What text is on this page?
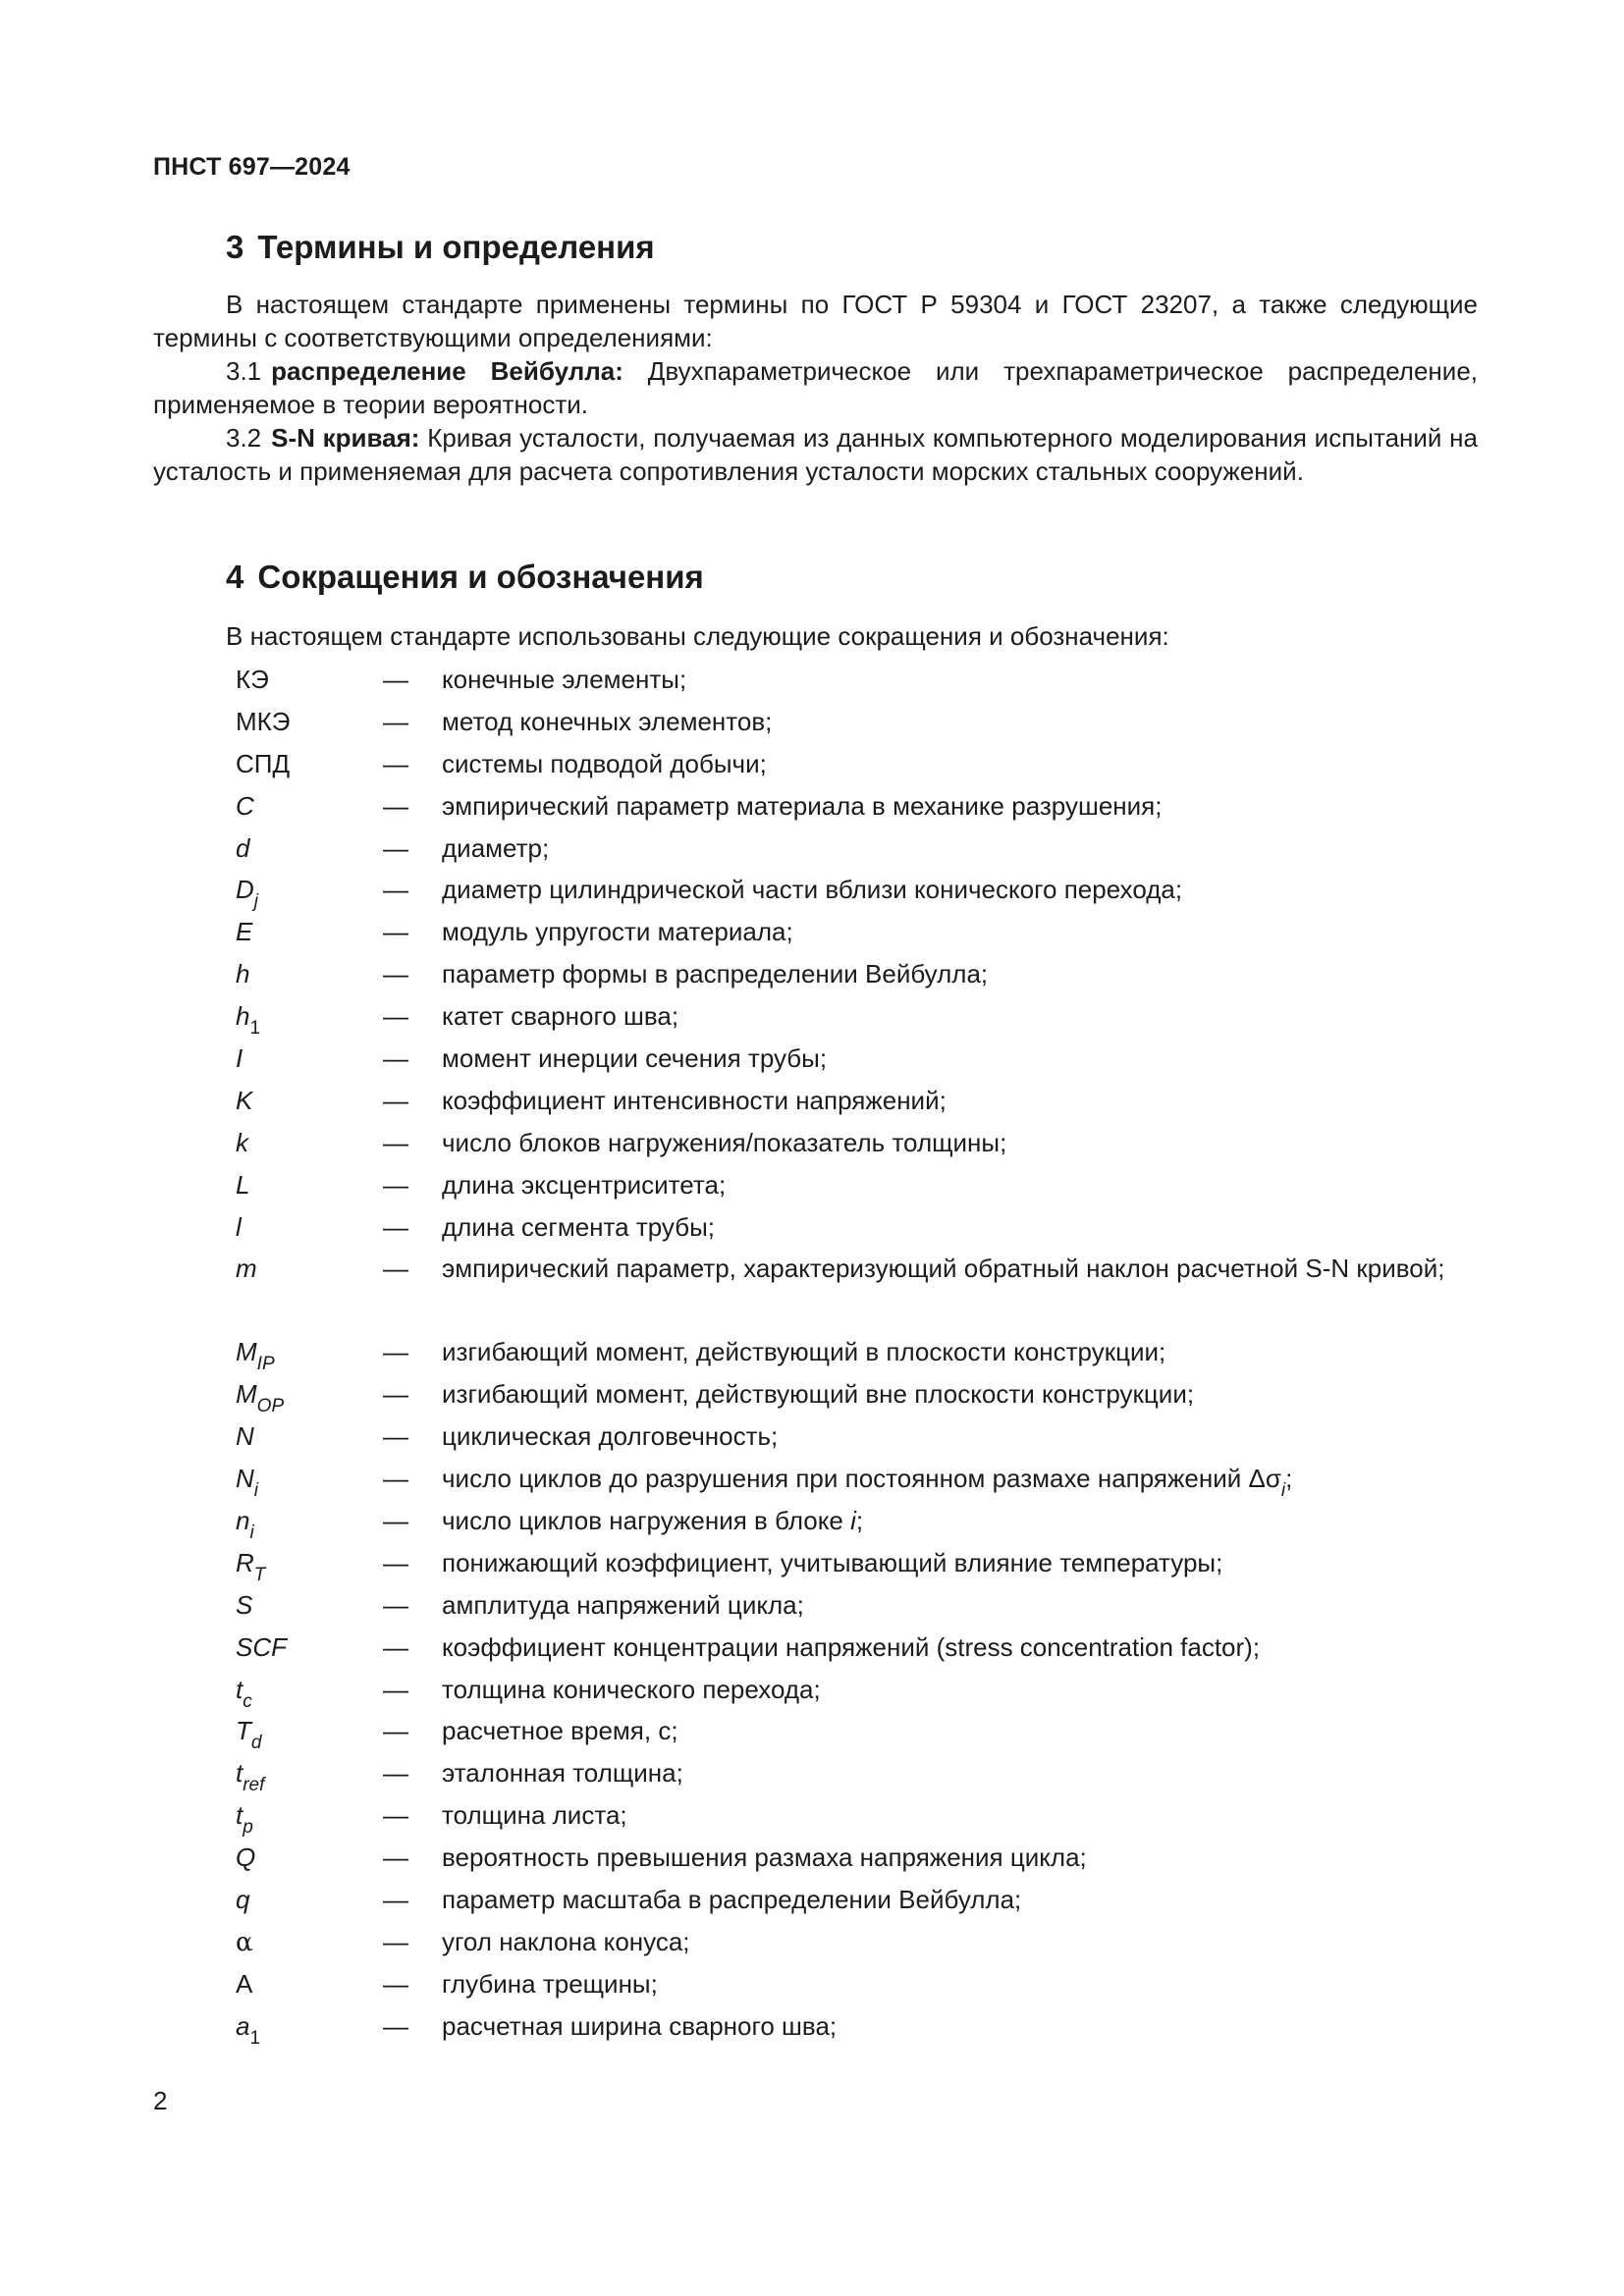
ПНСТ 697—2024
3 Термины и определения

В настоящем стандарте применены термины по ГОСТ Р 59304 и ГОСТ 23207, а также следующие термины с соответствующими определениями:

3.1 распределение Вейбулла: Двухпараметрическое или трехпараметрическое распределение, применяемое в теории вероятности.

3.2 S-N кривая: Кривая усталости, получаемая из данных компьютерного моделирования испытаний на усталость и применяемая для расчета сопротивления усталости морских стальных сооружений.

4 Сокращения и обозначения

В настоящем стандарте использованы следующие сокращения и обозначения:

КЭ	—	конечные элементы;
МКЭ	—	метод конечных элементов;
СПД	—	системы подводой добычи;
C	—	эмпирический параметр материала в механике разрушения;
d	—	диаметр;
$D_j$	—	диаметр цилиндрической части вблизи конического перехода;
E	—	модуль упругости материала;
h	—	параметр формы в распределении Вейбулла;
$h_1$	—	катет сварного шва;
I	—	момент инерции сечения трубы;
K	—	коэффициент интенсивности напряжений;
k	—	число блоков нагружения/показатель толщины;
L	—	длина эксцентриситета;
l	—	длина сегмента трубы;
m	—	эмпирический параметр, характеризующий обратный наклон расчетной S-N кривой;
$M_{IP}$	—	изгибающий момент, действующий в плоскости конструкции;
$M_{OP}$	—	изгибающий момент, действующий вне плоскости конструкции;
N	—	циклическая долговечность;
$N_i$	—	число циклов до разрушения при постоянном размахе напряжений $\Delta\sigma_i$;
$n_i$	—	число циклов нагружения в блоке i;
$R_T$	—	понижающий коэффициент, учитывающий влияние температуры;
S	—	амплитуда напряжений цикла;
SCF	—	коэффициент концентрации напряжений (stress concentration factor);
$t_c$	—	толщина конического перехода;
$T_d$	—	расчетное время, с;
$t_{ref}$	—	эталонная толщина;
$t_p$	—	толщина листа;
Q	—	вероятность превышения размаха напряжения цикла;
q	—	параметр масштаба в распределении Вейбулла;
α	—	угол наклона конуса;
A	—	глубина трещины;
$a_1$	—	расчетная ширина сварного шва;
2
